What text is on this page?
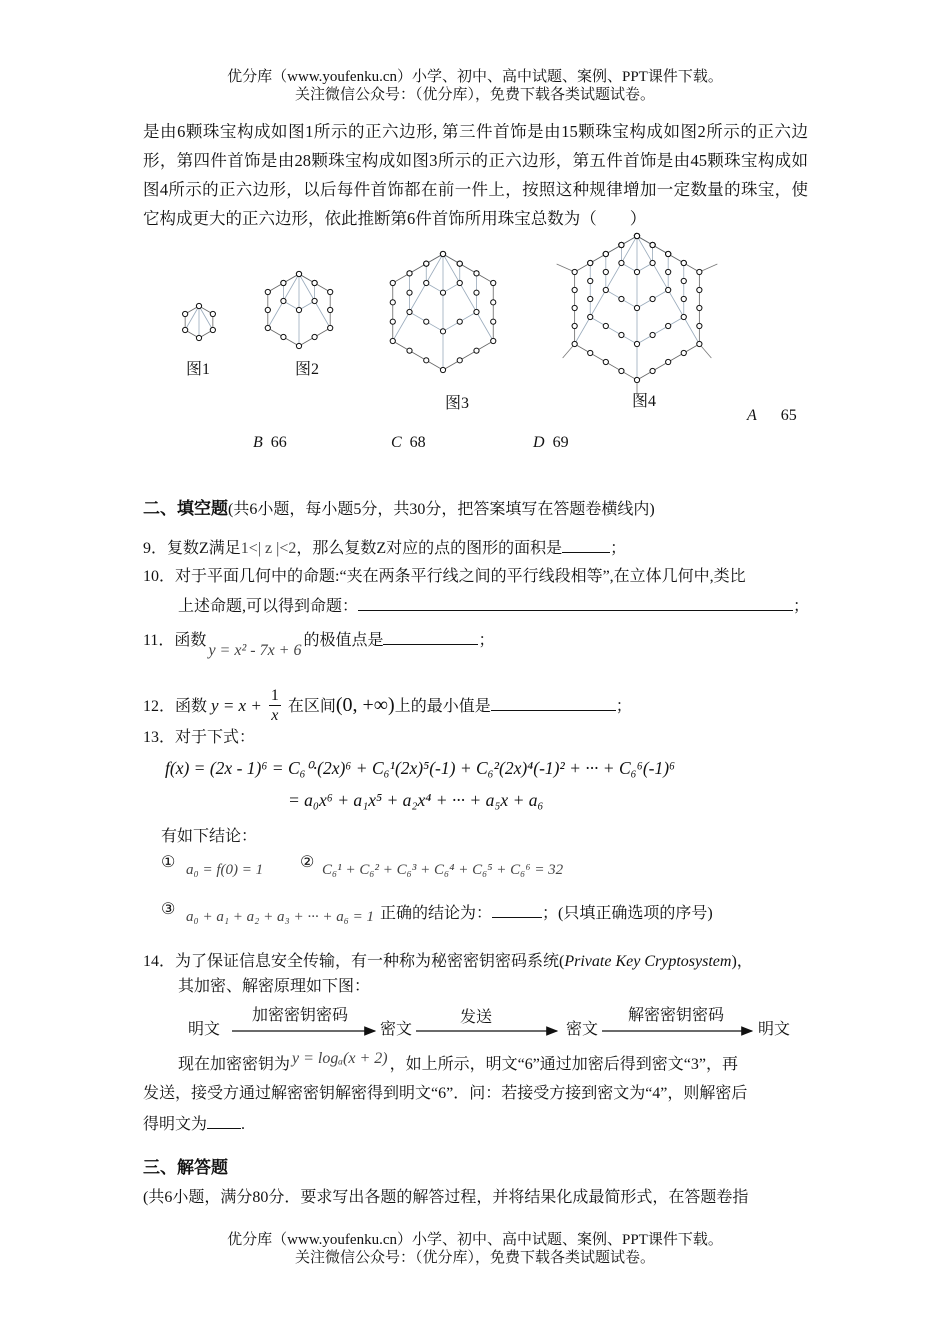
优分库（www.youfenku.cn）小学、初中、高中试题、案例、PPT课件下载。
关注微信公众号：（优分库），免费下载各类试题试卷。
是由6颗珠宝构成如图1所示的正六边形, 第三件首饰是由15颗珠宝构成如图2所示的正六边形，第四件首饰是由28颗珠宝构成如图3所示的正六边形，第五件首饰是由45颗珠宝构成如图4所示的正六边形，以后每件首饰都在前一件上，按照这种规律增加一定数量的珠宝，使它构成更大的正六边形，依此推断第6件首饰所用珠宝总数为（　　）
图1	图2
图3	图4
A 65
B 66	C 68	D 69
二、填空题(共6小题，每小题5分，共30分，把答案填写在答题卷横线内)
9．复数Z满足1<| z |<2，那么复数Z对应的点的图形的面积是	；
10．对于平面几何中的命题:“夹在两条平行线之间的平行线段相等”,在立体几何中,类比
上述命题,可以得到命题：	；
11．函数y = x² - 7x + 6的极值点是	；
12．函数 $y = x + \frac{1}{x}$ 在区间(0, +∞)上的最小值是	；
13．对于下式：
f(x) = (2x - 1)⁶ = C₆⁰·(2x)⁶ + C₆¹(2x)⁵(-1) + C₆²(2x)⁴(-1)² + ··· + C₆⁶(-1)⁶
= a₀x⁶ + a₁x⁵ + a₂x⁴ + ··· + a₅x + a₆
有如下结论：
① a₀ = f(0) = 1 ② C₆¹ + C₆² + C₆³ + C₆⁴ + C₆⁵ + C₆⁶ = 32
③ a₀ + a₁ + a₂ + a₃ + ··· + a₆ = 1 正确的结论为：	；(只填正确选项的序号)
14．为了保证信息安全传输，有一种称为秘密密钥密码系统(Private Key Cryptosystem)，
其加密、解密原理如下图：
明文
加密密钥密码
密文
发送
密文
解密密钥密码
明文
现在加密密钥为 y = logₐ(x + 2) ，如上所示，明文“6”通过加密后得到密文“3”，再
发送，接受方通过解密密钥解密得到明文“6”．问：若接受方接到密文为“4”，则解密后
得明文为 .
三、解答题
(共6小题，满分80分．要求写出各题的解答过程，并将结果化成最简形式，在答题卷指
优分库（www.youfenku.cn）小学、初中、高中试题、案例、PPT课件下载。
关注微信公众号：（优分库），免费下载各类试题试卷。
